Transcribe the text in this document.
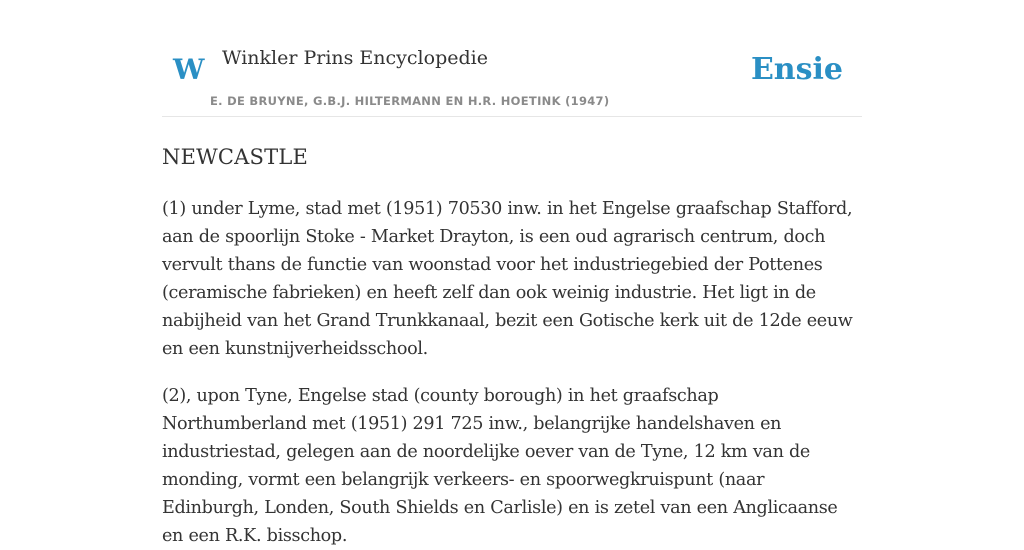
W Winkler Prins Encyclopedie
E. DE BRUYNE, G.B.J. HILTERMANN EN H.R. HOETINK (1947)
Ensie
NEWCASTLE

(1) under Lyme, stad met (1951) 70530 inw. in het Engelse graafschap Stafford, aan de spoorlijn Stoke - Market Drayton, is een oud agrarisch centrum, doch vervult thans de functie van woonstad voor het industriegebied der Pottenes (ceramische fabrieken) en heeft zelf dan ook weinig industrie. Het ligt in de nabijheid van het Grand Trunkkanaal, bezit een Gotische kerk uit de 12de eeuw en een kunstnijverheidsschool.

(2), upon Tyne, Engelse stad (county borough) in het graafschap Northumberland met (1951) 291 725 inw., belangrijke handelshaven en industriestad, gelegen aan de noordelijke oever van de Tyne, 12 km van de monding, vormt een belangrijk verkeers- en spoorwegkruispunt (naar Edinburgh, Londen, South Shields en Carlisle) en is zetel van een Anglicaanse en een R.K. bisschop.
